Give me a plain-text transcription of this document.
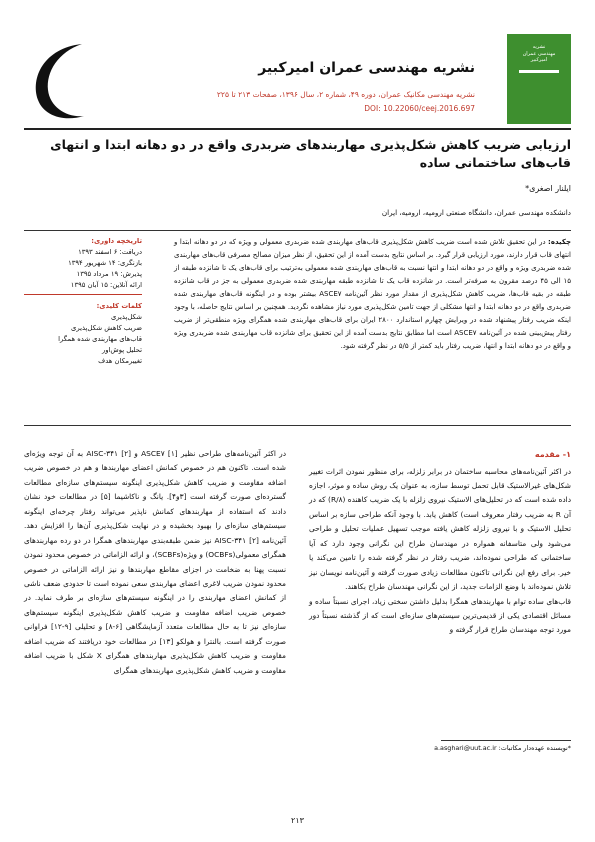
نشریه
مهندسی عمران
امیرکبیر
نشریه مهندسی عمران امیرکبیر
نشریه مهندسی مکانیک عمران، دوره ۴۹، شماره ۲، سال ۱۳۹۶، صفحات ۲۱۳ تا ۲۲۵
DOI: 10.22060/ceej.2016.697
ارزیابی ضریب کاهش شکل‌پذیری مهاربندهای ضربدری واقع در دو دهانه ابتدا و انتهای قاب‌های ساختمانی ساده
ایلنار اصغری*
دانشکده مهندسی عمران، دانشگاه صنعتی ارومیه، ارومیه، ایران
چکیده: در این تحقیق تلاش شده است ضریب کاهش شکل‌پذیری قاب‌های مهاربندی شده ضربدری معمولی و ویژه که در دو دهانه ابتدا و انتهای قاب قرار دارند، مورد ارزیابی قرار گیرد. بر اساس نتایج بدست آمده از این تحقیق، از نظر میزان مصالح مصرفی قاب‌های مهاربندی شده ضربدری ویژه و واقع در دو دهانه ابتدا و انتها نسبت به قاب‌های مهاربندی شده معمولی به‌ترتیب برای قاب‌های یک تا شانزده طبقه از ۱۵ الی ۴۵ درصد مقرون به صرفه‌تر است. در شانزده قاب یک تا شانزده طبقه مهاربندی شده ضربدری معمولی به جز در قاب شانزده طبقه در بقیه قاب‌ها، ضریب کاهش شکل‌پذیری از مقدار مورد نظر آئین‌نامه ASCE۷ بیشتر بوده و در اینگونه قاب‌های مهاربندی شده ضربدری واقع در دو دهانه ابتدا و انتها مشکلی از جهت تامین شکل‌پذیری مورد نیاز مشاهده نگردید. همچنین بر اساس نتایج حاصله، با وجود اینکه ضریب رفتار پیشنهاد شده در ویرایش چهارم استاندارد ۲۸۰۰ ایران برای قاب‌های مهاربندی شده همگرای ویژه منطقی‌تر از ضریب رفتار پیش‌بینی شده در آئین‌نامه ASCE۷ است اما مطابق نتایج بدست آمده از این تحقیق برای شانزده قاب مهاربندی شده ضربدری ویژه و واقع در دو دهانه ابتدا و انتها، ضریب رفتار باید کمتر از ۵/۵ در نظر گرفته شود.
تاریخچه داوری:
دریافت: ۶ اسفند ۱۳۹۳
بازنگری: ۱۴ شهریور ۱۳۹۴
پذیرش: ۱۹ مرداد ۱۳۹۵
ارائه آنلاین: ۱۵ آبان ۱۳۹۵
کلمات کلیدی:
شکل‌پذیری
ضریب کاهش شکل‌پذیری
قاب‌های مهاربندی شده همگرا
تحلیل پوش‌اور
تغییرمکان هدف
۱- مقدمه
در اکثر آئین‌نامه‌های محاسبه ساختمان در برابر زلزله، برای منظور نمودن اثرات تغییر شکل‌های غیرالاستیک قابل تحمل توسط سازه، به عنوان یک روش ساده و موثر، اجازه داده شده است که در تحلیل‌های الاستیک نیروی زلزله با یک ضریب کاهنده (R/۸) که در آن R به ضریب رفتار معروف است) کاهش یابد. با وجود آنکه طراحی سازه بر اساس تحلیل الاستیک و با نیروی زلزله کاهش یافته موجب تسهیل عملیات تحلیل و طراحی می‌شود ولی متاسفانه همواره در مهندسان طراح این نگرانی وجود دارد که آیا ساختمانی که طراحی نموده‌اند، ضریب رفتار در نظر گرفته شده را تامین می‌کند یا خیر. برای رفع این نگرانی تاکنون مطالعات زیادی صورت گرفته و آئین‌نامه نویسان نیز تلاش نموده‌اند با وضع الزامات جدید، از این نگرانی مهندسان طراح بکاهند.
قاب‌های ساده توام با مهاربندهای همگرا بدلیل داشتن سختی زیاد، اجرای نسبتاً ساده و مسائل اقتصادی یکی از قدیمی‌ترین سیستم‌های سازه‌ای است که از گذشته نسبتاً دور مورد توجه مهندسان طراح قرار گرفته و
در اکثر آئین‌نامه‌های طراحی نظیر [۱] ASCE۷ و [۲] AISC-۳۴۱ به آن توجه ویژه‌ای شده است. تاکنون هم در خصوص کمانش اعضای مهاربندها و هم در خصوص ضریب اضافه مقاومت و ضریب کاهش شکل‌پذیری اینگونه سیستم‌های سازه‌ای مطالعات گسترده‌ای صورت گرفته است [۳و۴]. یانگ و ناکاشیما [۵] در مطالعات خود نشان دادند که استفاده از مهاربندهای کمانش ناپذیر می‌تواند رفتار چرخه‌ای اینگونه سیستم‌های سازه‌ای را بهبود بخشیده و در نهایت شکل‌پذیری آن‌ها را افزایش دهد. آئین‌نامه [۲] AISC-۳۴۱ نیز ضمن طبقه‌بندی مهاربندهای همگرا در دو رده مهاربندهای همگرای معمولی(OCBFs) و ویژه(SCBFs)، و ارائه الزاماتی در خصوص محدود نمودن نسبت پهنا به ضخامت در اجزای مقاطع مهاربندها و نیز ارائه الزاماتی در خصوص محدود نمودن ضریب لاغری اعضای مهاربندی سعی نموده است تا حدودی ضعف ناشی از کمانش اعضای مهاربندی را در اینگونه سیستم‌های سازه‌ای بر طرف نماید. در خصوص ضریب اضافه مقاومت و ضریب کاهش شکل‌پذیری اینگونه سیستم‌های سازه‌ای نیز تا به حال مطالعات متعدد آزمایشگاهی [۶-۸] و تحلیلی [۹-۱۲] فراوانی صورت گرفته است. بالنترا و هولکو [۱۳] در مطالعات خود دریافتند که ضریب اضافه مقاومت و ضریب کاهش شکل‌پذیری مهاربندهای همگرای X شکل با ضریب اضافه مقاومت و ضریب کاهش شکل‌پذیری مهاربندهای همگرای
*نویسنده عهده‌دار مکاتبات: a.asghari@uut.ac.ir
۲۱۳
